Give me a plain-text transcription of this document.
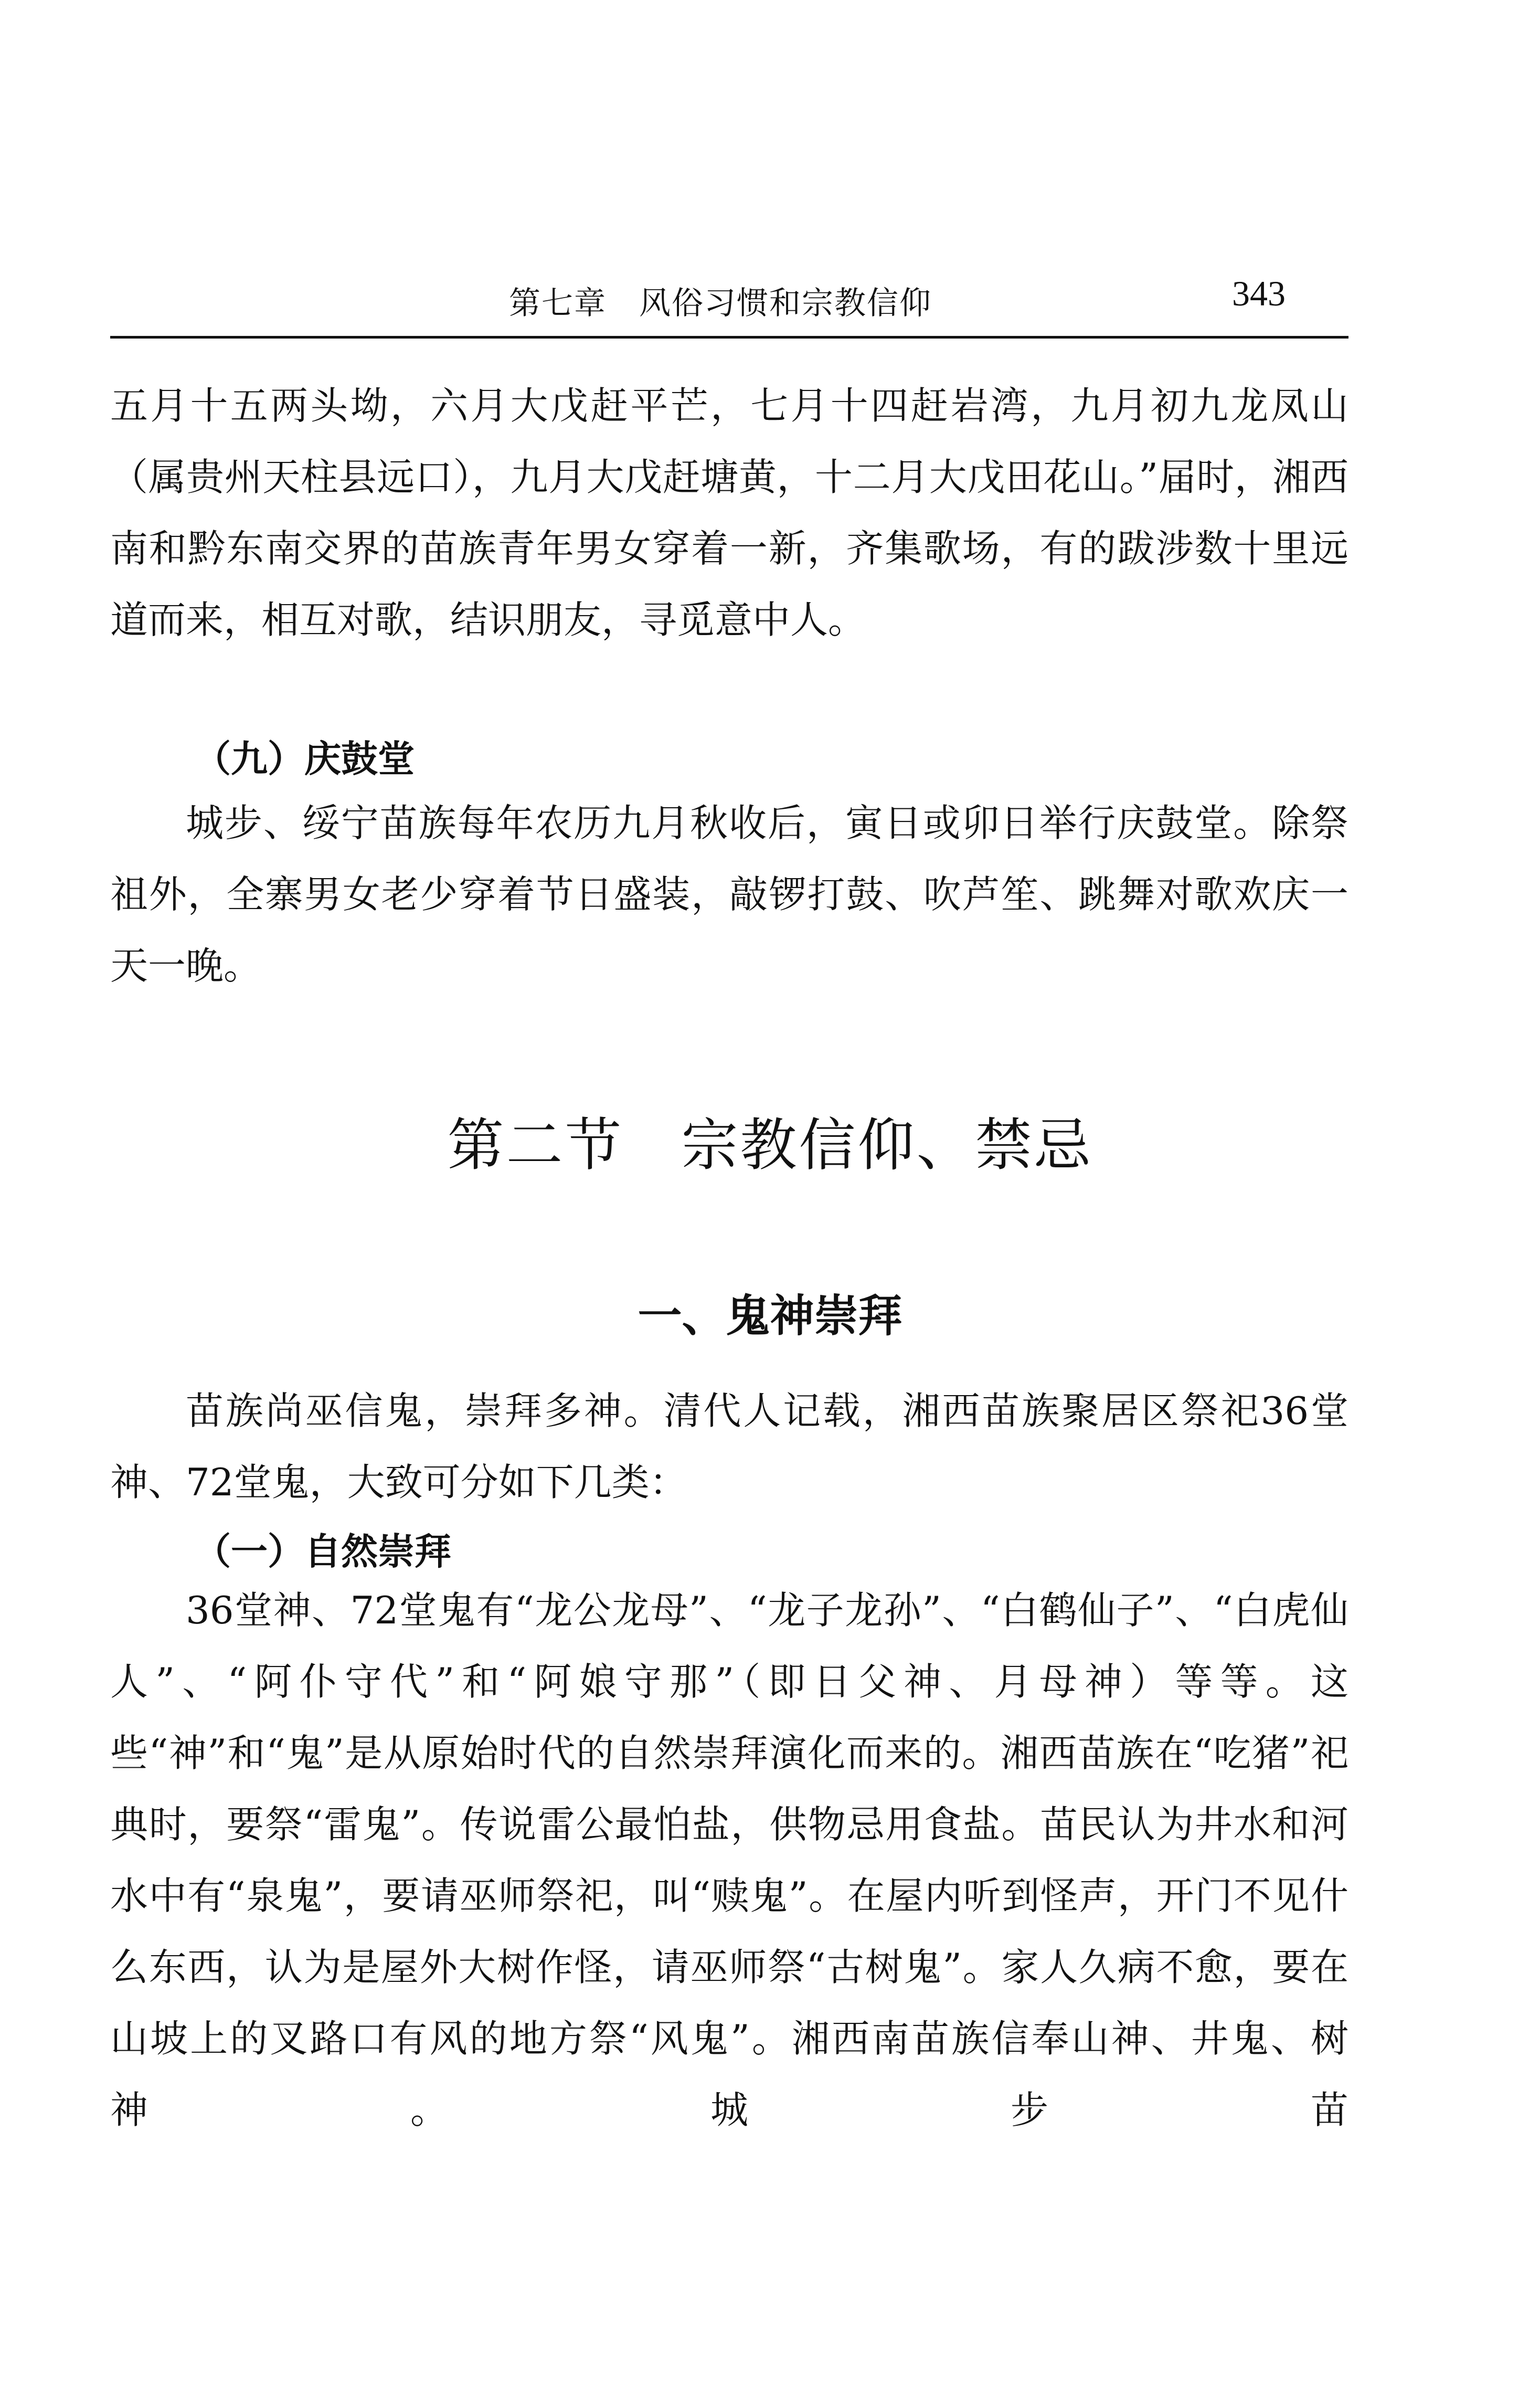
第七章　风俗习惯和宗教信仰	343

五月十五两头坳，六月大戊赶平芒，七月十四赶岩湾，九月初九龙凤山（属贵州天柱县远口），九月大戊赶塘黄，十二月大戊田花山。”届时，湘西南和黔东南交界的苗族青年男女穿着一新，齐集歌场，有的跋涉数十里远道而来，相互对歌，结识朋友，寻觅意中人。

（九）庆鼓堂

城步、绥宁苗族每年农历九月秋收后，寅日或卯日举行庆鼓堂。除祭祖外，全寨男女老少穿着节日盛装，敲锣打鼓、吹芦笙、跳舞对歌欢庆一天一晚。

第二节 宗教信仰、禁忌
一、鬼神崇拜

苗族尚巫信鬼，崇拜多神。清代人记载，湘西苗族聚居区祭祀36堂神、72堂鬼，大致可分如下几类：

（一）自然崇拜

36堂神、72堂鬼有“龙公龙母”、“龙子龙孙”、“白鹤仙子”、“白虎仙人”、“阿仆守代”和“阿娘守那”（即日父神、月母神）等等。这些“神”和“鬼”是从原始时代的自然崇拜演化而来的。湘西苗族在“吃猪”祀典时，要祭“雷鬼”。传说雷公最怕盐，供物忌用食盐。苗民认为井水和河水中有“泉鬼”，要请巫师祭祀，叫“赎鬼”。在屋内听到怪声，开门不见什么东西，认为是屋外大树作怪，请巫师祭“古树鬼”。家人久病不愈，要在山坡上的叉路口有风的地方祭“风鬼”。湘西南苗族信奉山神、井鬼、树神。城步苗
